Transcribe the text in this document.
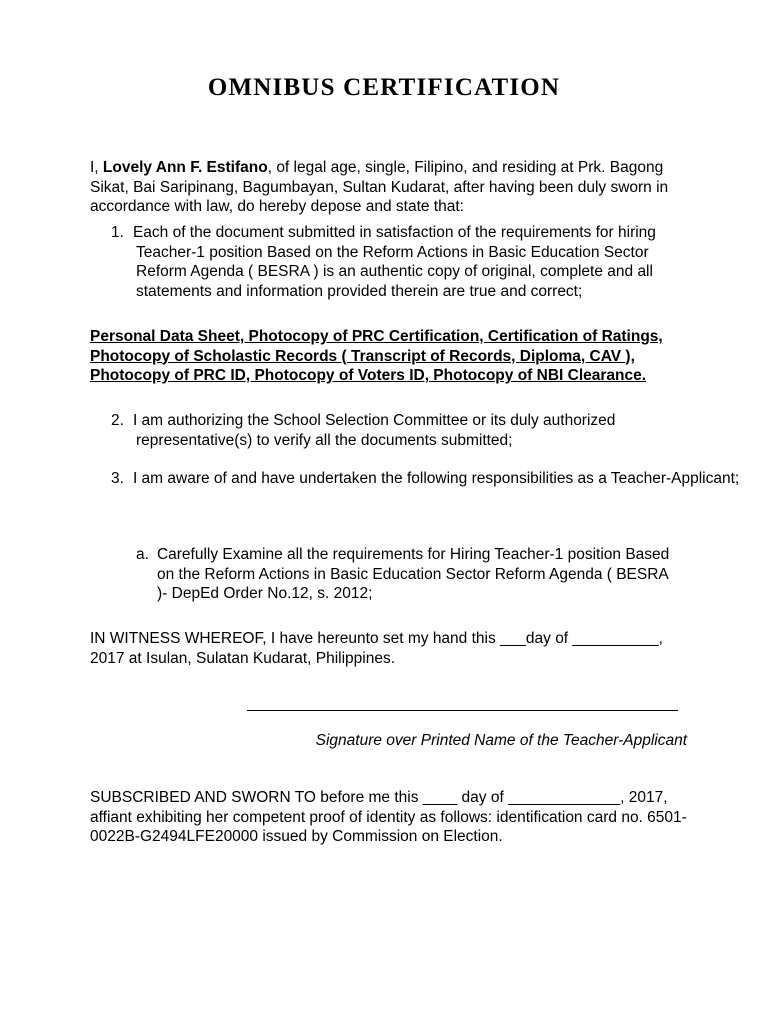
OMNIBUS CERTIFICATION

I, Lovely Ann F. Estifano, of legal age, single, Filipino, and residing at Prk. Bagong Sikat, Bai Saripinang, Bagumbayan, Sultan Kudarat, after having been duly sworn in accordance with law, do hereby depose and state that:

1. Each of the document submitted in satisfaction of the requirements for hiring Teacher-1 position Based on the Reform Actions in Basic Education Sector Reform Agenda ( BESRA ) is an authentic copy of original, complete and all statements and information provided therein are true and correct;

Personal Data Sheet, Photocopy of PRC Certification, Certification of Ratings, Photocopy of Scholastic Records ( Transcript of Records, Diploma, CAV ), Photocopy of PRC ID, Photocopy of Voters ID, Photocopy of NBI Clearance.

2. I am authorizing the School Selection Committee or its duly authorized representative(s) to verify all the documents submitted;

3. I am aware of and have undertaken the following responsibilities as a Teacher-Applicant;

a. Carefully Examine all the requirements for Hiring Teacher-1 position Based on the Reform Actions in Basic Education Sector Reform Agenda ( BESRA )- DepEd Order No.12, s. 2012;

IN WITNESS WHEREOF, I have hereunto set my hand this ___day of __________, 2017 at Isulan, Sulatan Kudarat, Philippines.

Signature over Printed Name of the Teacher-Applicant

SUBSCRIBED AND SWORN TO before me this ____ day of _____________, 2017, affiant exhibiting her competent proof of identity as follows: identification card no. 6501-0022B-G2494LFE20000 issued by Commission on Election.
